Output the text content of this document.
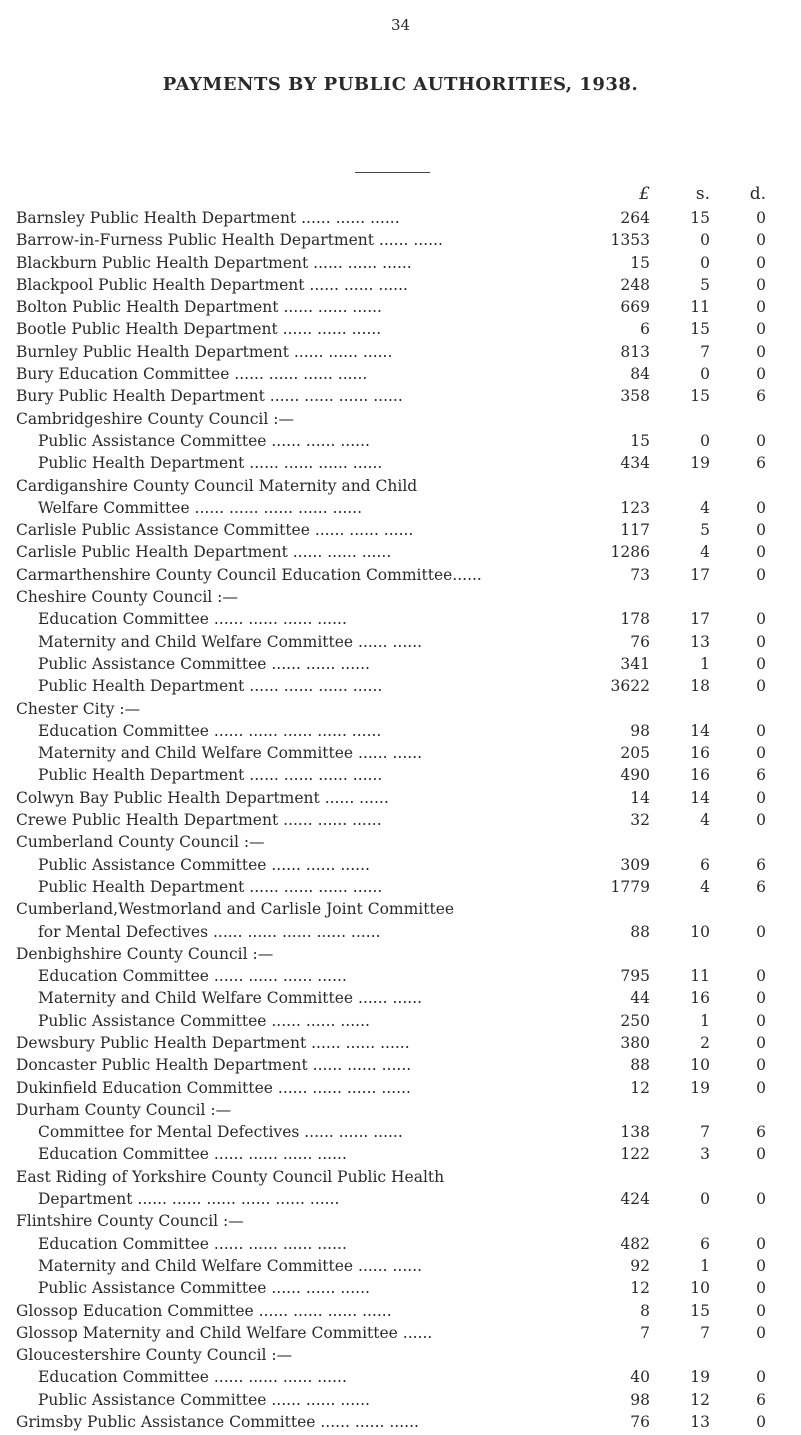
34
PAYMENTS BY PUBLIC AUTHORITIES, 1938.
£	s.	d.
Barnsley Public Health Department ...... ...... ......	264	15	0
Barrow-in-Furness Public Health Department ...... ......	1353	0	0
Blackburn Public Health Department ...... ...... ......	15	0	0
Blackpool Public Health Department ...... ...... ......	248	5	0
Bolton Public Health Department ...... ...... ......	669	11	0
Bootle Public Health Department ...... ...... ......	6	15	0
Burnley Public Health Department ...... ...... ......	813	7	0
Bury Education Committee ...... ...... ...... ......	84	0	0
Bury Public Health Department ...... ...... ...... ......	358	15	6
Cambridgeshire County Council :—
Public Assistance Committee ...... ...... ......	15	0	0
Public Health Department ...... ...... ...... ......	434	19	6
Cardiganshire County Council Maternity and Child
Welfare Committee ...... ...... ...... ...... ......	123	4	0
Carlisle Public Assistance Committee ...... ...... ......	117	5	0
Carlisle Public Health Department ...... ...... ......	1286	4	0
Carmarthenshire County Council Education Committee......	73	17	0
Cheshire County Council :—
Education Committee ...... ...... ...... ......	178	17	0
Maternity and Child Welfare Committee ...... ......	76	13	0
Public Assistance Committee ...... ...... ......	341	1	0
Public Health Department ...... ...... ...... ......	3622	18	0
Chester City :—
Education Committee ...... ...... ...... ...... ......	98	14	0
Maternity and Child Welfare Committee ...... ......	205	16	0
Public Health Department ...... ...... ...... ......	490	16	6
Colwyn Bay Public Health Department ...... ......	14	14	0
Crewe Public Health Department ...... ...... ......	32	4	0
Cumberland County Council :—
Public Assistance Committee ...... ...... ......	309	6	6
Public Health Department ...... ...... ...... ......	1779	4	6
Cumberland,Westmorland and Carlisle Joint Committee
for Mental Defectives ...... ...... ...... ...... ......	88	10	0
Denbighshire County Council :—
Education Committee ...... ...... ...... ......	795	11	0
Maternity and Child Welfare Committee ...... ......	44	16	0
Public Assistance Committee ...... ...... ......	250	1	0
Dewsbury Public Health Department ...... ...... ......	380	2	0
Doncaster Public Health Department ...... ...... ......	88	10	0
Dukinfield Education Committee ...... ...... ...... ......	12	19	0
Durham County Council :—
Committee for Mental Defectives ...... ...... ......	138	7	6
Education Committee ...... ...... ...... ......	122	3	0
East Riding of Yorkshire County Council Public Health
Department ...... ...... ...... ...... ...... ......	424	0	0
Flintshire County Council :—
Education Committee ...... ...... ...... ......	482	6	0
Maternity and Child Welfare Committee ...... ......	92	1	0
Public Assistance Committee ...... ...... ......	12	10	0
Glossop Education Committee ...... ...... ...... ......	8	15	0
Glossop Maternity and Child Welfare Committee ......	7	7	0
Gloucestershire County Council :—
Education Committee ...... ...... ...... ......	40	19	0
Public Assistance Committee ...... ...... ......	98	12	6
Grimsby Public Assistance Committee ...... ...... ......	76	13	0
